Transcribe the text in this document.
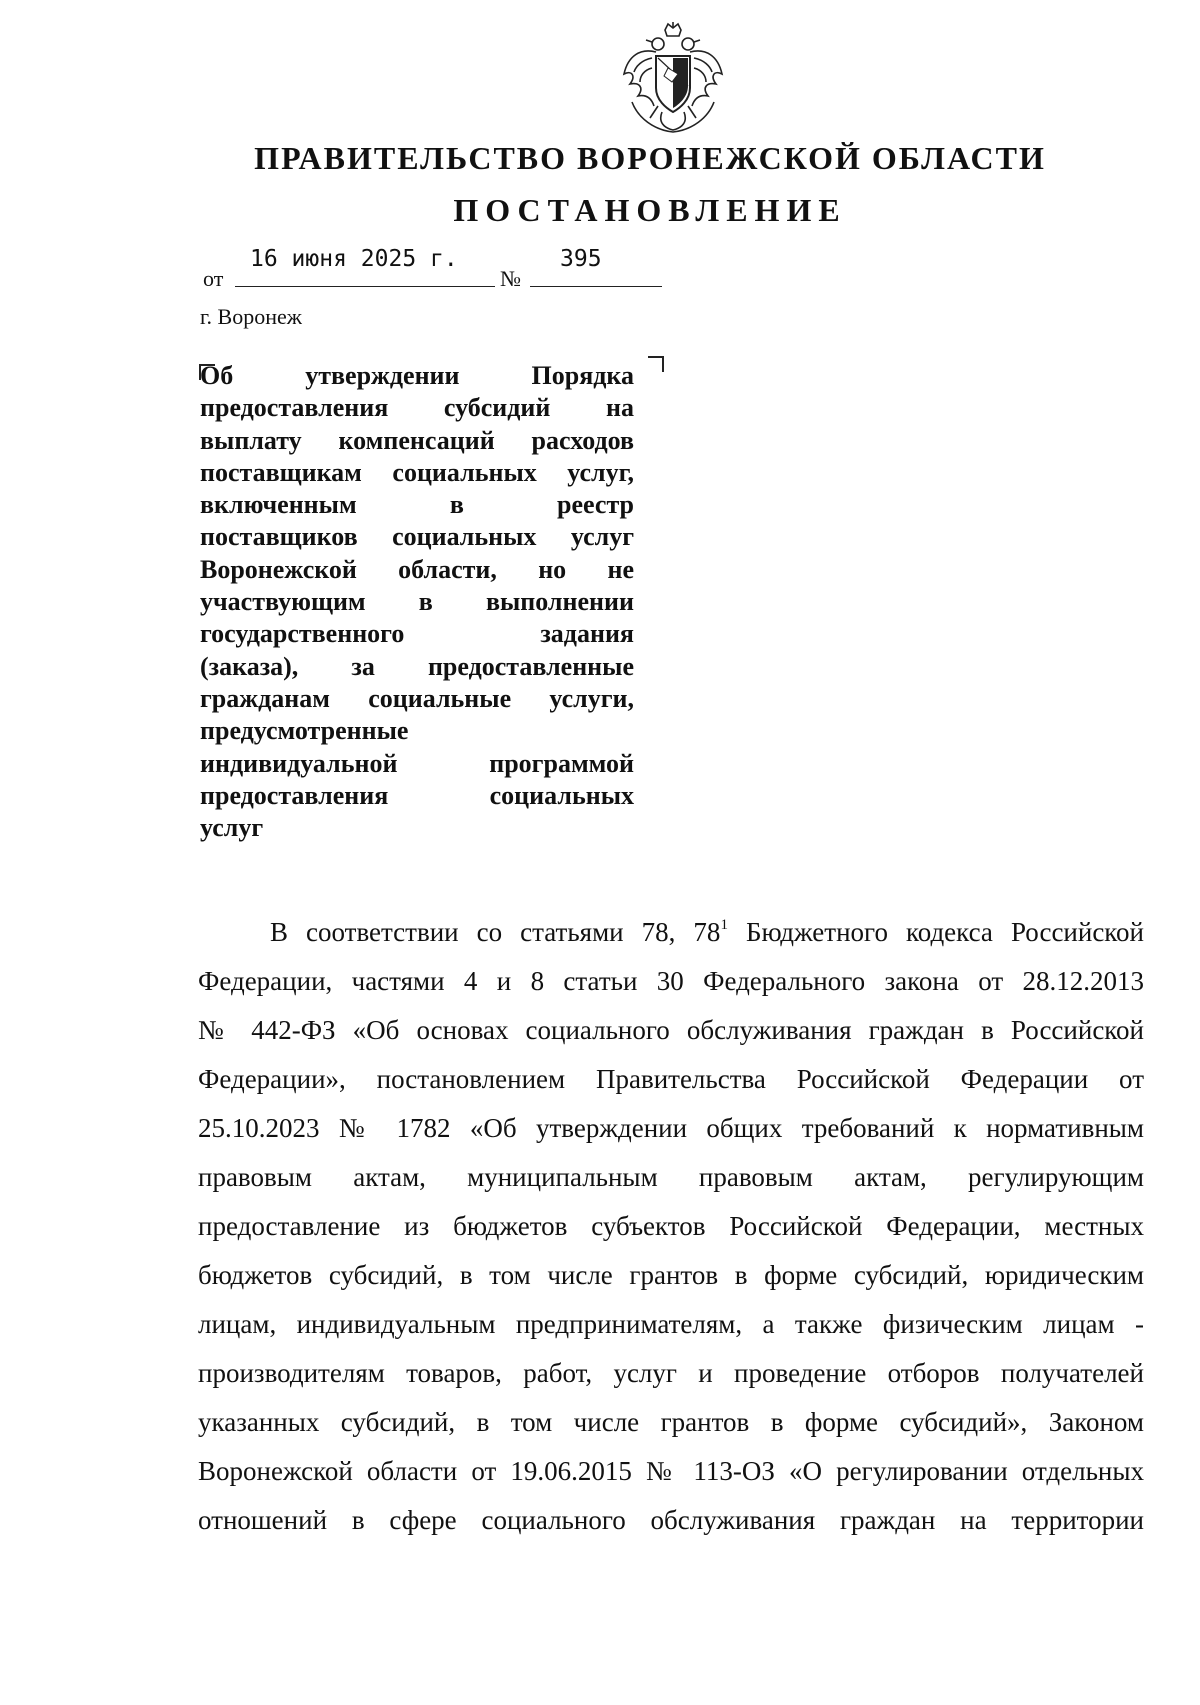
ПРАВИТЕЛЬСТВО ВОРОНЕЖСКОЙ ОБЛАСТИ
ПОСТАНОВЛЕНИЕ
от
16 июня 2025 г.
№
395
г. Воронеж
Об утверждении Порядка
предоставления субсидий на
выплату компенсаций расходов
поставщикам социальных услуг,
включенным в реестр
поставщиков социальных услуг
Воронежской области, но не
участвующим в выполнении
государственного задания
(заказа), за предоставленные
гражданам социальные услуги,
предусмотренные
индивидуальной программой
предоставления социальных
услуг
В соответствии со статьями 78, $78^1$ Бюджетного кодекса Российской
Федерации, частями 4 и 8 статьи 30 Федерального закона от 28.12.2013
№ 442-ФЗ «Об основах социального обслуживания граждан в Российской
Федерации», постановлением Правительства Российской Федерации от
25.10.2023 № 1782 «Об утверждении общих требований к нормативным
правовым актам, муниципальным правовым актам, регулирующим
предоставление из бюджетов субъектов Российской Федерации, местных
бюджетов субсидий, в том числе грантов в форме субсидий, юридическим
лицам, индивидуальным предпринимателям, а также физическим лицам -
производителям товаров, работ, услуг и проведение отборов получателей
указанных субсидий, в том числе грантов в форме субсидий», Законом
Воронежской области от 19.06.2015 № 113-ОЗ «О регулировании отдельных
отношений в сфере социального обслуживания граждан на территории
